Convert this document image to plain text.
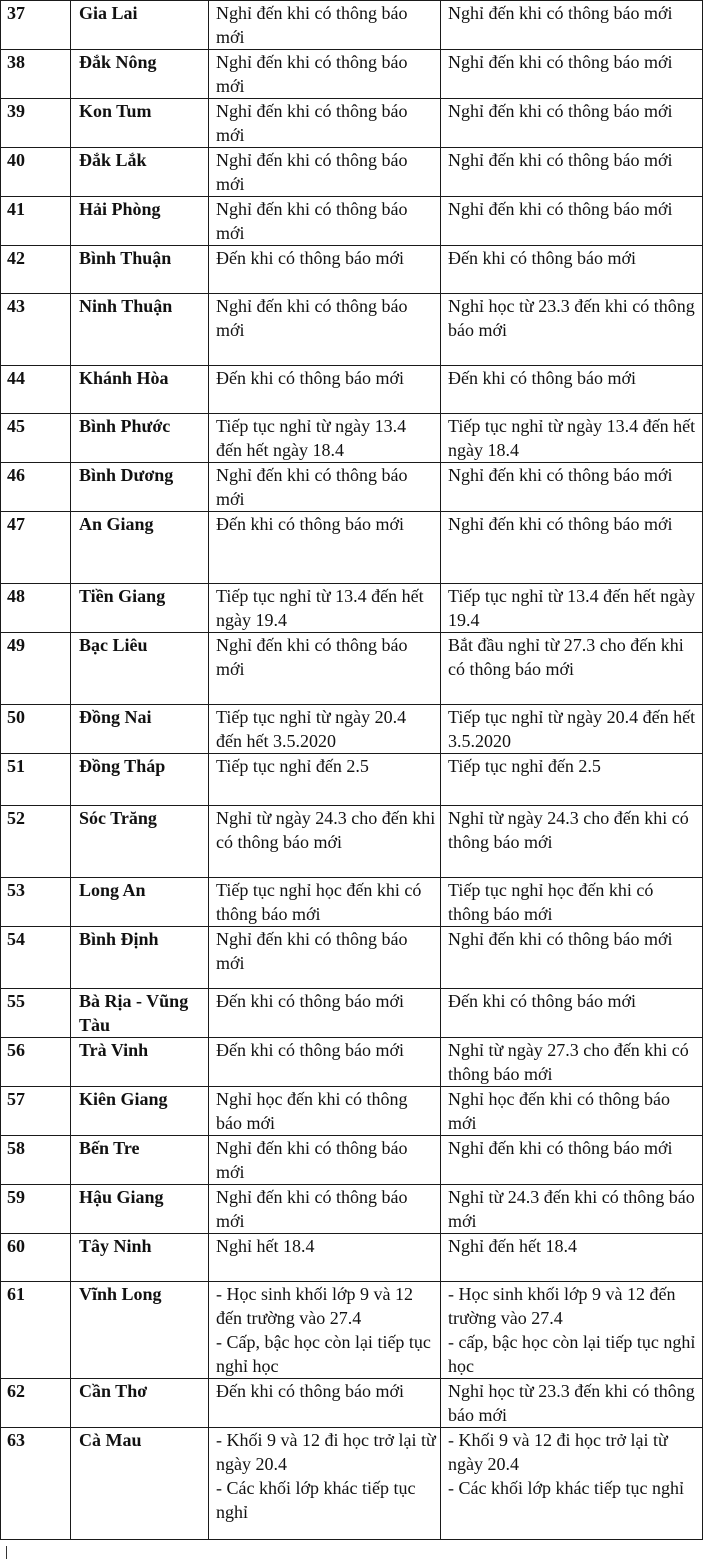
37	Gia Lai	Nghỉ đến khi có thông báo mới	Nghỉ đến khi có thông báo mới

38	Đắk Nông	Nghỉ đến khi có thông báo mới	Nghỉ đến khi có thông báo mới

39	Kon Tum	Nghỉ đến khi có thông báo mới	Nghỉ đến khi có thông báo mới

40	Đắk Lắk	Nghỉ đến khi có thông báo mới	Nghỉ đến khi có thông báo mới

41	Hải Phòng	Nghỉ đến khi có thông báo mới	Nghỉ đến khi có thông báo mới

42	Bình Thuận	Đến khi có thông báo mới	Đến khi có thông báo mới

43	Ninh Thuận	Nghỉ đến khi có thông báo mới	Nghỉ học từ 23.3 đến khi có thông báo mới

44	Khánh Hòa	Đến khi có thông báo mới	Đến khi có thông báo mới

45	Bình Phước	Tiếp tục nghỉ từ ngày 13.4 đến hết ngày 18.4	Tiếp tục nghỉ từ ngày 13.4 đến hết ngày 18.4

46	Bình Dương	Nghỉ đến khi có thông báo mới	Nghỉ đến khi có thông báo mới

47	An Giang	Đến khi có thông báo mới	Nghỉ đến khi có thông báo mới

48	Tiền Giang	Tiếp tục nghỉ từ 13.4 đến hết ngày 19.4	Tiếp tục nghỉ từ 13.4 đến hết ngày 19.4

49	Bạc Liêu	Nghỉ đến khi có thông báo mới	Bắt đầu nghỉ từ 27.3 cho đến khi có thông báo mới

50	Đồng Nai	Tiếp tục nghỉ từ ngày 20.4 đến hết 3.5.2020	Tiếp tục nghỉ từ ngày 20.4 đến hết 3.5.2020

51	Đồng Tháp	Tiếp tục nghỉ đến 2.5	Tiếp tục nghỉ đến 2.5

52	Sóc Trăng	Nghỉ từ ngày 24.3 cho đến khi có thông báo mới	Nghỉ từ ngày 24.3 cho đến khi có thông báo mới

53	Long An	Tiếp tục nghỉ học đến khi có thông báo mới	Tiếp tục nghỉ học đến khi có thông báo mới

54	Bình Định	Nghỉ đến khi có thông báo mới	Nghỉ đến khi có thông báo mới

55	Bà Rịa - Vũng Tàu	Đến khi có thông báo mới	Đến khi có thông báo mới

56	Trà Vinh	Đến khi có thông báo mới	Nghỉ từ ngày 27.3 cho đến khi có thông báo mới

57	Kiên Giang	Nghỉ học đến khi có thông báo mới	Nghỉ học đến khi có thông báo mới

58	Bến Tre	Nghỉ đến khi có thông báo mới	Nghỉ đến khi có thông báo mới

59	Hậu Giang	Nghỉ đến khi có thông báo mới	Nghỉ từ 24.3 đến khi có thông báo mới

60	Tây Ninh	Nghỉ hết 18.4	Nghỉ đến hết 18.4

61	Vĩnh Long	- Học sinh khối lớp 9 và 12 đến trường vào 27.4
- Cấp, bậc học còn lại tiếp tục nghỉ học	- Học sinh khối lớp 9 và 12 đến trường vào 27.4
- cấp, bậc học còn lại tiếp tục nghỉ học

62	Cần Thơ	Đến khi có thông báo mới	Nghỉ học từ 23.3 đến khi có thông báo mới

63	Cà Mau	- Khối 9 và 12 đi học trở lại từ ngày 20.4
- Các khối lớp khác tiếp tục nghỉ	- Khối 9 và 12 đi học trở lại từ ngày 20.4
- Các khối lớp khác tiếp tục nghỉ
